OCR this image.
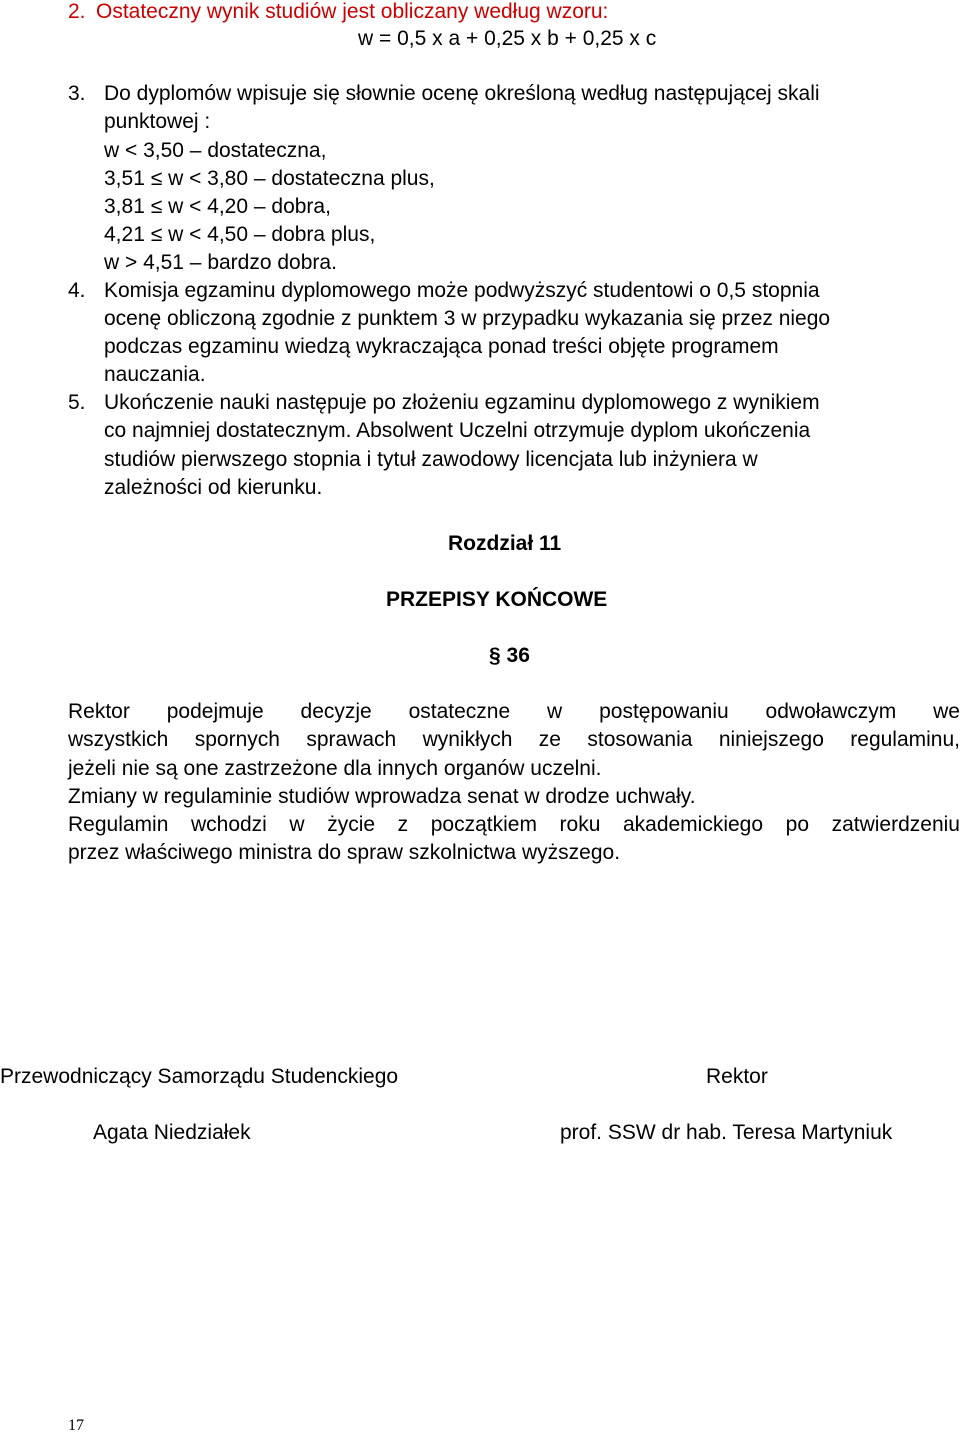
2. Ostateczny wynik studiów jest obliczany według wzoru:
w = 0,5 x a + 0,25 x b + 0,25 x c
3. Do dyplomów wpisuje się słownie ocenę określoną według następującej skali
punktowej :
w < 3,50 – dostateczna,
3,51 ≤ w < 3,80 – dostateczna plus,
3,81 ≤ w < 4,20 – dobra,
4,21 ≤ w < 4,50 – dobra plus,
w > 4,51 – bardzo dobra.
4. Komisja egzaminu dyplomowego może podwyższyć studentowi o 0,5 stopnia
ocenę obliczoną zgodnie z punktem 3 w przypadku wykazania się przez niego
podczas egzaminu wiedzą wykraczająca ponad treści objęte programem
nauczania.
5. Ukończenie nauki następuje po złożeniu egzaminu dyplomowego z wynikiem
co najmniej dostatecznym. Absolwent Uczelni otrzymuje dyplom ukończenia
studiów pierwszego stopnia i tytuł zawodowy licencjata lub inżyniera w
zależności od kierunku.
Rozdział 11
PRZEPISY KOŃCOWE
§ 36
Rektor podejmuje decyzje ostateczne w postępowaniu odwoławczym we
wszystkich spornych sprawach wynikłych ze stosowania niniejszego regulaminu,
jeżeli nie są one zastrzeżone dla innych organów uczelni.
Zmiany w regulaminie studiów wprowadza senat w drodze uchwały.
Regulamin wchodzi w życie z początkiem roku akademickiego po zatwierdzeniu
przez właściwego ministra do spraw szkolnictwa wyższego.
Przewodniczący Samorządu Studenckiego	Rektor
Agata Niedziałek	prof. SSW dr hab. Teresa Martyniuk
17
